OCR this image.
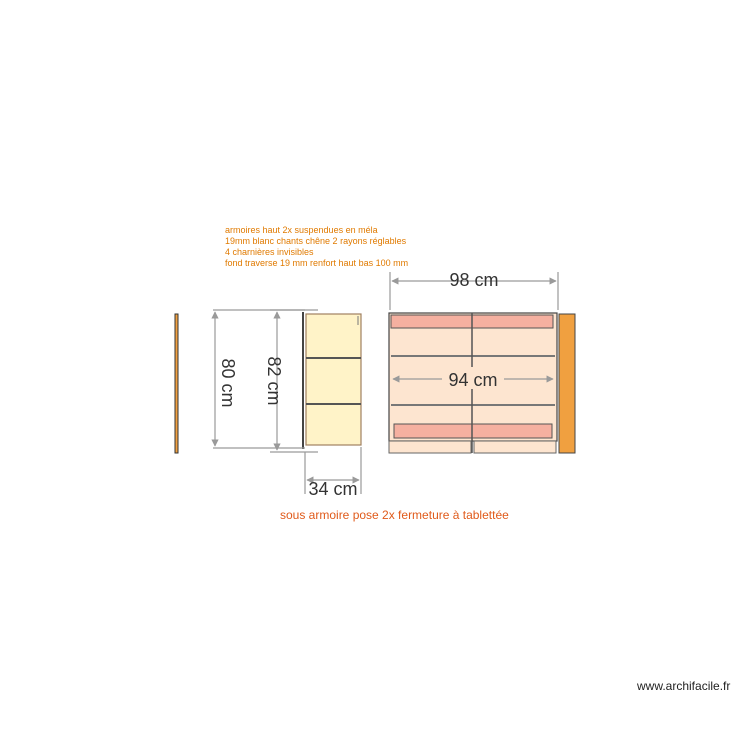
armoires haut 2x suspendues en méla
19mm blanc chants chêne 2 rayons réglables
4 charnières invisibles
fond traverse 19 mm renfort haut bas 100 mm
80 cm 82 cm
34 cm
98 cm
94 cm
sous armoire pose 2x fermeture à tablettée
www.archifacile.fr
